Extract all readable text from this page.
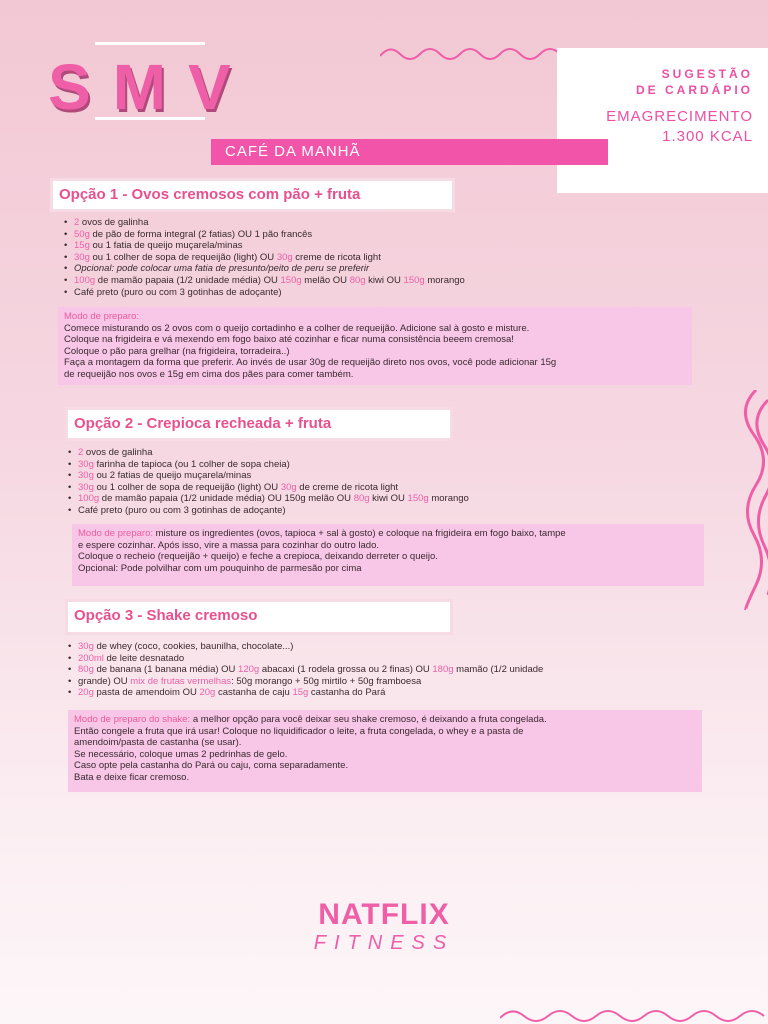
SMV	SUGESTÃO
DE CARDÁPIO
EMAGRECIMENTO
1.300 KCAL
CAFÉ DA MANHÃ
Opção 1 - Ovos cremosos com pão + fruta
• 2 ovos de galinha
• 50g de pão de forma integral (2 fatias) OU 1 pão francês
• 15g ou 1 fatia de queijo muçarela/minas
• 30g ou 1 colher de sopa de requeijão (light) OU 30g creme de ricota light
• Opcional: pode colocar uma fatia de presunto/peito de peru se preferir
• 100g de mamão papaia (1/2 unidade média) OU 150g melão OU 80g kiwi OU 150g morango
• Café preto (puro ou com 3 gotinhas de adoçante)
Modo de preparo:
Comece misturando os 2 ovos com o queijo cortadinho e a colher de requeijão. Adicione sal à gosto e misture.
Coloque na frigideira e vá mexendo em fogo baixo até cozinhar e ficar numa consistência beeem cremosa!
Coloque o pão para grelhar (na frigideira, torradeira..)
Faça a montagem da forma que preferir. Ao invés de usar 30g de requeijão direto nos ovos, você pode adicionar 15g
de requeijão nos ovos e 15g em cima dos pães para comer também.
Opção 2 - Crepioca recheada + fruta
• 2 ovos de galinha
• 30g farinha de tapioca (ou 1 colher de sopa cheia)
• 30g ou 2 fatias de queijo muçarela/minas
• 30g ou 1 colher de sopa de requeijão (light) OU 30g de creme de ricota light
• 100g de mamão papaia (1/2 unidade média) OU 150g melão OU 80g kiwi OU 150g morango
• Café preto (puro ou com 3 gotinhas de adoçante)
Modo de preparo: misture os ingredientes (ovos, tapioca + sal à gosto) e coloque na frigideira em fogo baixo, tampe
e espere cozinhar. Após isso, vire a massa para cozinhar do outro lado.
Coloque o recheio (requeijão + queijo) e feche a crepioca, deixando derreter o queijo.
Opcional: Pode polvilhar com um pouquinho de parmesão por cima
Opção 3 - Shake cremoso
• 30g de whey (coco, cookies, baunilha, chocolate...)
• 200ml de leite desnatado
• 80g de banana (1 banana média) OU 120g abacaxi (1 rodela grossa ou 2 finas) OU 180g mamão (1/2 unidade
• grande) OU mix de frutas vermelhas: 50g morango + 50g mirtilo + 50g framboesa
• 20g pasta de amendoim OU 20g castanha de caju 15g castanha do Pará
Modo de preparo do shake: a melhor opção para você deixar seu shake cremoso, é deixando a fruta congelada.
Então congele a fruta que irá usar! Coloque no liquidificador o leite, a fruta congelada, o whey e a pasta de
amendoim/pasta de castanha (se usar).
Se necessário, coloque umas 2 pedrinhas de gelo.
Caso opte pela castanha do Pará ou caju, coma separadamente.
Bata e deixe ficar cremoso.
NATFLIX
FITNESS
